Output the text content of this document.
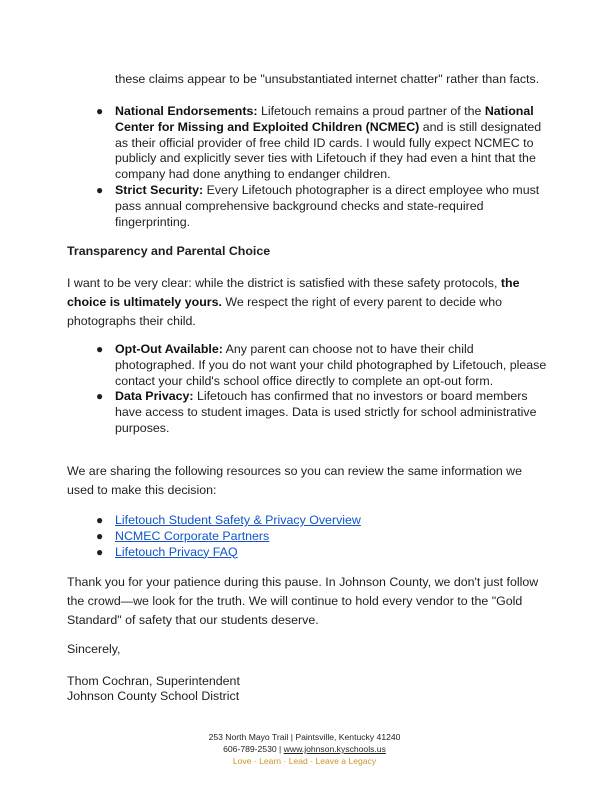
these claims appear to be "unsubstantiated internet chatter" rather than facts.
● National Endorsements: Lifetouch remains a proud partner of the National Center for Missing and Exploited Children (NCMEC) and is still designated as their official provider of free child ID cards. I would fully expect NCMEC to publicly and explicitly sever ties with Lifetouch if they had even a hint that the company had done anything to endanger children.
● Strict Security: Every Lifetouch photographer is a direct employee who must pass annual comprehensive background checks and state-required fingerprinting.
Transparency and Parental Choice
I want to be very clear: while the district is satisfied with these safety protocols, the choice is ultimately yours. We respect the right of every parent to decide who photographs their child.
● Opt-Out Available: Any parent can choose not to have their child photographed. If you do not want your child photographed by Lifetouch, please contact your child's school office directly to complete an opt-out form.
● Data Privacy: Lifetouch has confirmed that no investors or board members have access to student images. Data is used strictly for school administrative purposes.
We are sharing the following resources so you can review the same information we used to make this decision:
● Lifetouch Student Safety & Privacy Overview
● NCMEC Corporate Partners
● Lifetouch Privacy FAQ
Thank you for your patience during this pause. In Johnson County, we don't just follow the crowd—we look for the truth. We will continue to hold every vendor to the "Gold Standard" of safety that our students deserve.
Sincerely,
Thom Cochran, Superintendent
Johnson County School District
253 North Mayo Trail | Paintsville, Kentucky 41240
606-789-2530 | www.johnson.kyschools.us
Love · Learn · Lead · Leave a Legacy
